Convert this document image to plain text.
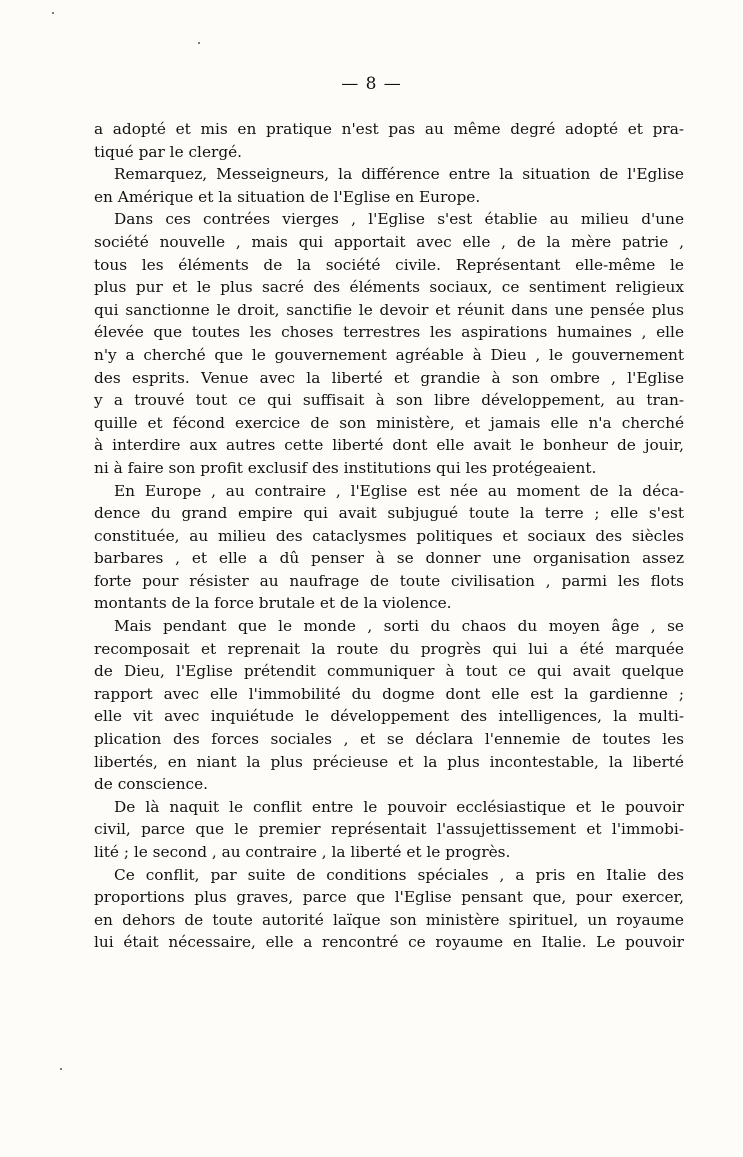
— 8 —
a adopté et mis en pratique n'est pas au même degré adopté et pra-
tiqué par le clergé.
Remarquez, Messeigneurs, la différence entre la situation de l'Eglise
en Amérique et la situation de l'Eglise en Europe.
Dans ces contrées vierges , l'Eglise s'est établie au milieu d'une
société nouvelle , mais qui apportait avec elle , de la mère patrie ,
tous les éléments de la société civile. Représentant elle-même le
plus pur et le plus sacré des éléments sociaux, ce sentiment religieux
qui sanctionne le droit, sanctifie le devoir et réunit dans une pensée plus
élevée que toutes les choses terrestres les aspirations humaines , elle
n'y a cherché que le gouvernement agréable à Dieu , le gouvernement
des esprits. Venue avec la liberté et grandie à son ombre , l'Eglise
y a trouvé tout ce qui suffisait à son libre développement, au tran-
quille et fécond exercice de son ministère, et jamais elle n'a cherché
à interdire aux autres cette liberté dont elle avait le bonheur de jouir,
ni à faire son profit exclusif des institutions qui les protégeaient.
En Europe , au contraire , l'Eglise est née au moment de la déca-
dence du grand empire qui avait subjugué toute la terre ; elle s'est
constituée, au milieu des cataclysmes politiques et sociaux des siècles
barbares , et elle a dû penser à se donner une organisation assez
forte pour résister au naufrage de toute civilisation , parmi les flots
montants de la force brutale et de la violence.
Mais pendant que le monde , sorti du chaos du moyen âge , se
recomposait et reprenait la route du progrès qui lui a été marquée
de Dieu, l'Eglise prétendit communiquer à tout ce qui avait quelque
rapport avec elle l'immobilité du dogme dont elle est la gardienne ;
elle vit avec inquiétude le développement des intelligences, la multi-
plication des forces sociales , et se déclara l'ennemie de toutes les
libertés, en niant la plus précieuse et la plus incontestable, la liberté
de conscience.
De là naquit le conflit entre le pouvoir ecclésiastique et le pouvoir
civil, parce que le premier représentait l'assujettissement et l'immobi-
lité ; le second , au contraire , la liberté et le progrès.
Ce conflit, par suite de conditions spéciales , a pris en Italie des
proportions plus graves, parce que l'Eglise pensant que, pour exercer,
en dehors de toute autorité laïque son ministère spirituel, un royaume
lui était nécessaire, elle a rencontré ce royaume en Italie. Le pouvoir
